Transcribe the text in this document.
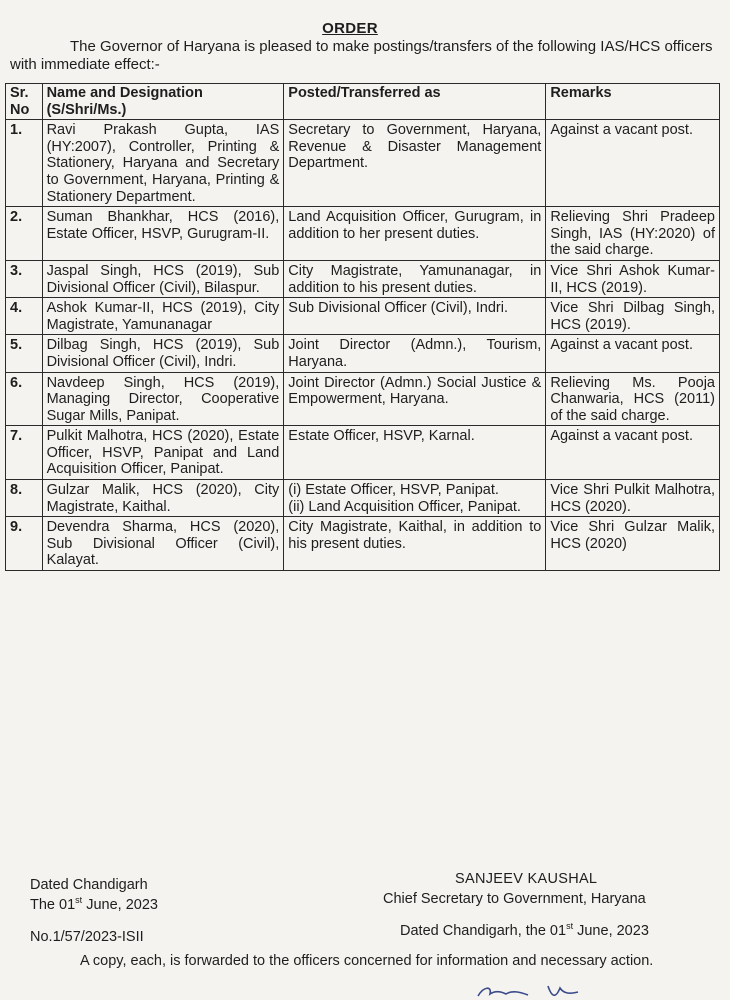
ORDER
The Governor of Haryana is pleased to make postings/transfers of the following IAS/HCS officers with immediate effect:-
Sr. No	Name and Designation (S/Shri/Ms.)	Posted/Transferred as	Remarks
1.	Ravi Prakash Gupta, IAS (HY:2007), Controller, Printing & Stationery, Haryana and Secretary to Government, Haryana, Printing & Stationery Department.	Secretary to Government, Haryana, Revenue & Disaster Management Department.	Against a vacant post.
2.	Suman Bhankhar, HCS (2016), Estate Officer, HSVP, Gurugram-II.	Land Acquisition Officer, Gurugram, in addition to her present duties.	Relieving Shri Pradeep Singh, IAS (HY:2020) of the said charge.
3.	Jaspal Singh, HCS (2019), Sub Divisional Officer (Civil), Bilaspur.	City Magistrate, Yamunanagar, in addition to his present duties.	Vice Shri Ashok Kumar-II, HCS (2019).
4.	Ashok Kumar-II, HCS (2019), City Magistrate, Yamunanagar	Sub Divisional Officer (Civil), Indri.	Vice Shri Dilbag Singh, HCS (2019).
5.	Dilbag Singh, HCS (2019), Sub Divisional Officer (Civil), Indri.	Joint Director (Admn.), Tourism, Haryana.	Against a vacant post.
6.	Navdeep Singh, HCS (2019), Managing Director, Cooperative Sugar Mills, Panipat.	Joint Director (Admn.) Social Justice & Empowerment, Haryana.	Relieving Ms. Pooja Chanwaria, HCS (2011) of the said charge.
7.	Pulkit Malhotra, HCS (2020), Estate Officer, HSVP, Panipat and Land Acquisition Officer, Panipat.	Estate Officer, HSVP, Karnal.	Against a vacant post.
8.	Gulzar Malik, HCS (2020), City Magistrate, Kaithal.	(i) Estate Officer, HSVP, Panipat.
(ii) Land Acquisition Officer, Panipat.	Vice Shri Pulkit Malhotra, HCS (2020).
9.	Devendra Sharma, HCS (2020), Sub Divisional Officer (Civil), Kalayat.	City Magistrate, Kaithal, in addition to his present duties.	Vice Shri Gulzar Malik, HCS (2020)
Dated Chandigarh
The 01st June, 2023
SANJEEV KAUSHAL
Chief Secretary to Government, Haryana
No.1/57/2023-ISII	Dated Chandigarh, the 01st June, 2023
A copy, each, is forwarded to the officers concerned for information and necessary action.
